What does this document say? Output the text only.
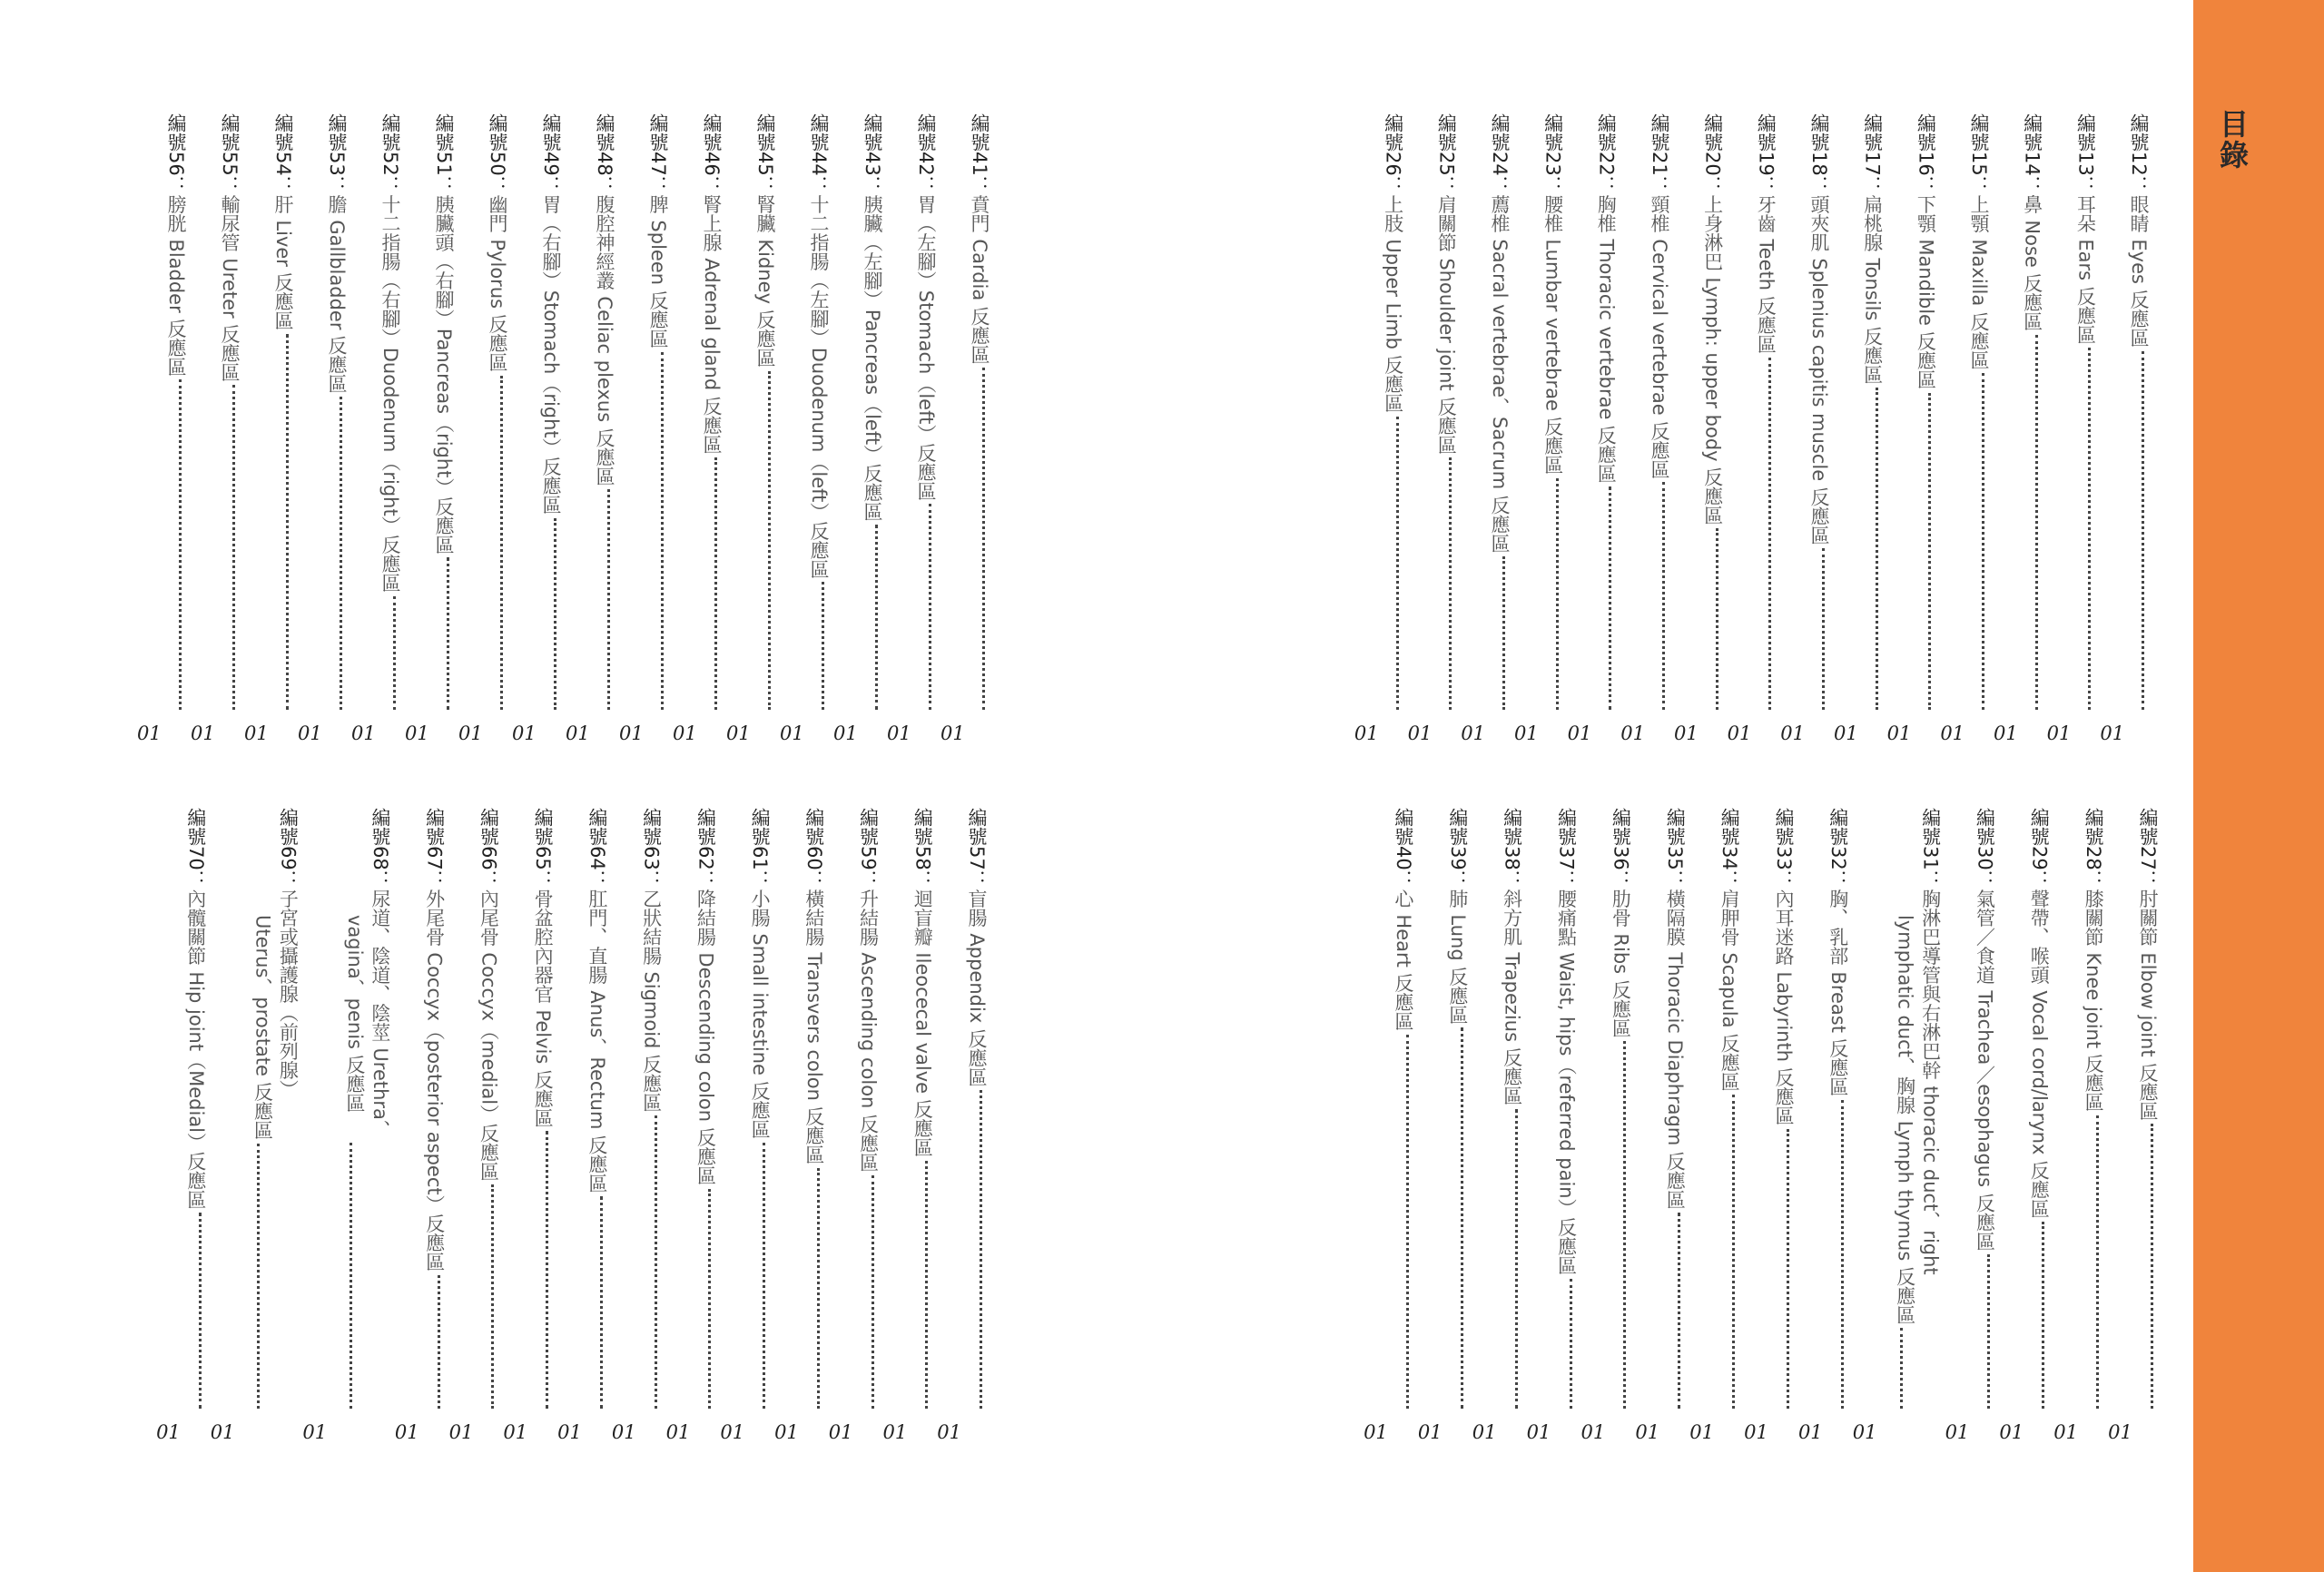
目錄
編號12：眼睛 Eyes 反應區
01
編號13：耳朵 Ears 反應區
01
編號14：鼻 Nose 反應區
01
編號15：上顎 Maxilla 反應區
01
編號16：下顎 Mandible 反應區
01
編號17：扁桃腺 Tonsils 反應區
01
編號18：頭夾肌 Splenius capitis muscle 反應區
01
編號19：牙齒 Teeth 反應區
01
編號20：上身淋巴 Lymph: upper body 反應區
01
編號21：頸椎 Cervical vertebrae 反應區
01
編號22：胸椎 Thoracic vertebrae 反應區
01
編號23：腰椎 Lumbar vertebrae 反應區
01
編號24：薦椎 Sacral vertebrae、Sacrum 反應區
01
編號25：肩關節 Shoulder joint 反應區
01
編號26：上肢 Upper Limb 反應區
01
編號41：賁門 Cardia 反應區
01
編號42：胃（左腳）Stomach（left）反應區
01
編號43：胰臟（左腳）Pancreas（left）反應區
01
編號44：十二指腸（左腳）Duodenum（left）反應區
01
編號45：腎臟 Kidney 反應區
01
編號46：腎上腺 Adrenal gland 反應區
01
編號47：脾 Spleen 反應區
01
編號48：腹腔神經叢 Celiac plexus 反應區
01
編號49：胃（右腳）Stomach（right）反應區
01
編號50：幽門 Pylorus 反應區
01
編號51：胰臟頭（右腳）Pancreas（right）反應區
01
編號52：十二指腸（右腳）Duodenum（right）反應區
01
編號53：膽 Gallbladder 反應區
01
編號54：肝 Liver 反應區
01
編號55：輸尿管 Ureter 反應區
01
編號56：膀胱 Bladder 反應區
01
編號27：肘關節 Elbow joint 反應區
01
編號28：膝關節 Knee joint 反應區
01
編號29：聲帶、喉頭 Vocal cord/larynx 反應區
01
編號30：氣管／食道 Trachea／esophagus 反應區
01
編號31：胸淋巴導管與右淋巴幹 thoracic duct、right
lymphatic duct、胸腺 Lymph thymus 反應區
01
編號32：胸、乳部 Breast 反應區
01
編號33：內耳迷路 Labyrinth 反應區
01
編號34：肩胛骨 Scapula 反應區
01
編號35：橫隔膜 Thoracic Diaphragm 反應區
01
編號36：肋骨 Ribs 反應區
01
編號37：腰痛點 Waist, hips（referred pain）反應區
01
編號38：斜方肌 Trapezius 反應區
01
編號39：肺 Lung 反應區
01
編號40：心 Heart 反應區
01
編號57：盲腸 Appendix 反應區
01
編號58：迴盲瓣 Ileocecal valve 反應區
01
編號59：升結腸 Ascending colon 反應區
01
編號60：橫結腸 Transvers colon 反應區
01
編號61：小腸 Small intestine 反應區
01
編號62：降結腸 Descending colon 反應區
01
編號63：乙狀結腸 Sigmoid 反應區
01
編號64：肛門、直腸 Anus、Rectum 反應區
01
編號65：骨盆腔內器官 Pelvis 反應區
01
編號66：內尾骨 Coccyx（medial）反應區
01
編號67：外尾骨 Coccyx（posterior aspect）反應區
01
編號68：尿道、陰道、陰莖 Urethra、
vagina、penis 反應區
01
編號69：子宮或攝護腺（前列腺）
Uterus、prostate 反應區
01
編號70：內髖關節 Hip joint（Medial）反應區
01
